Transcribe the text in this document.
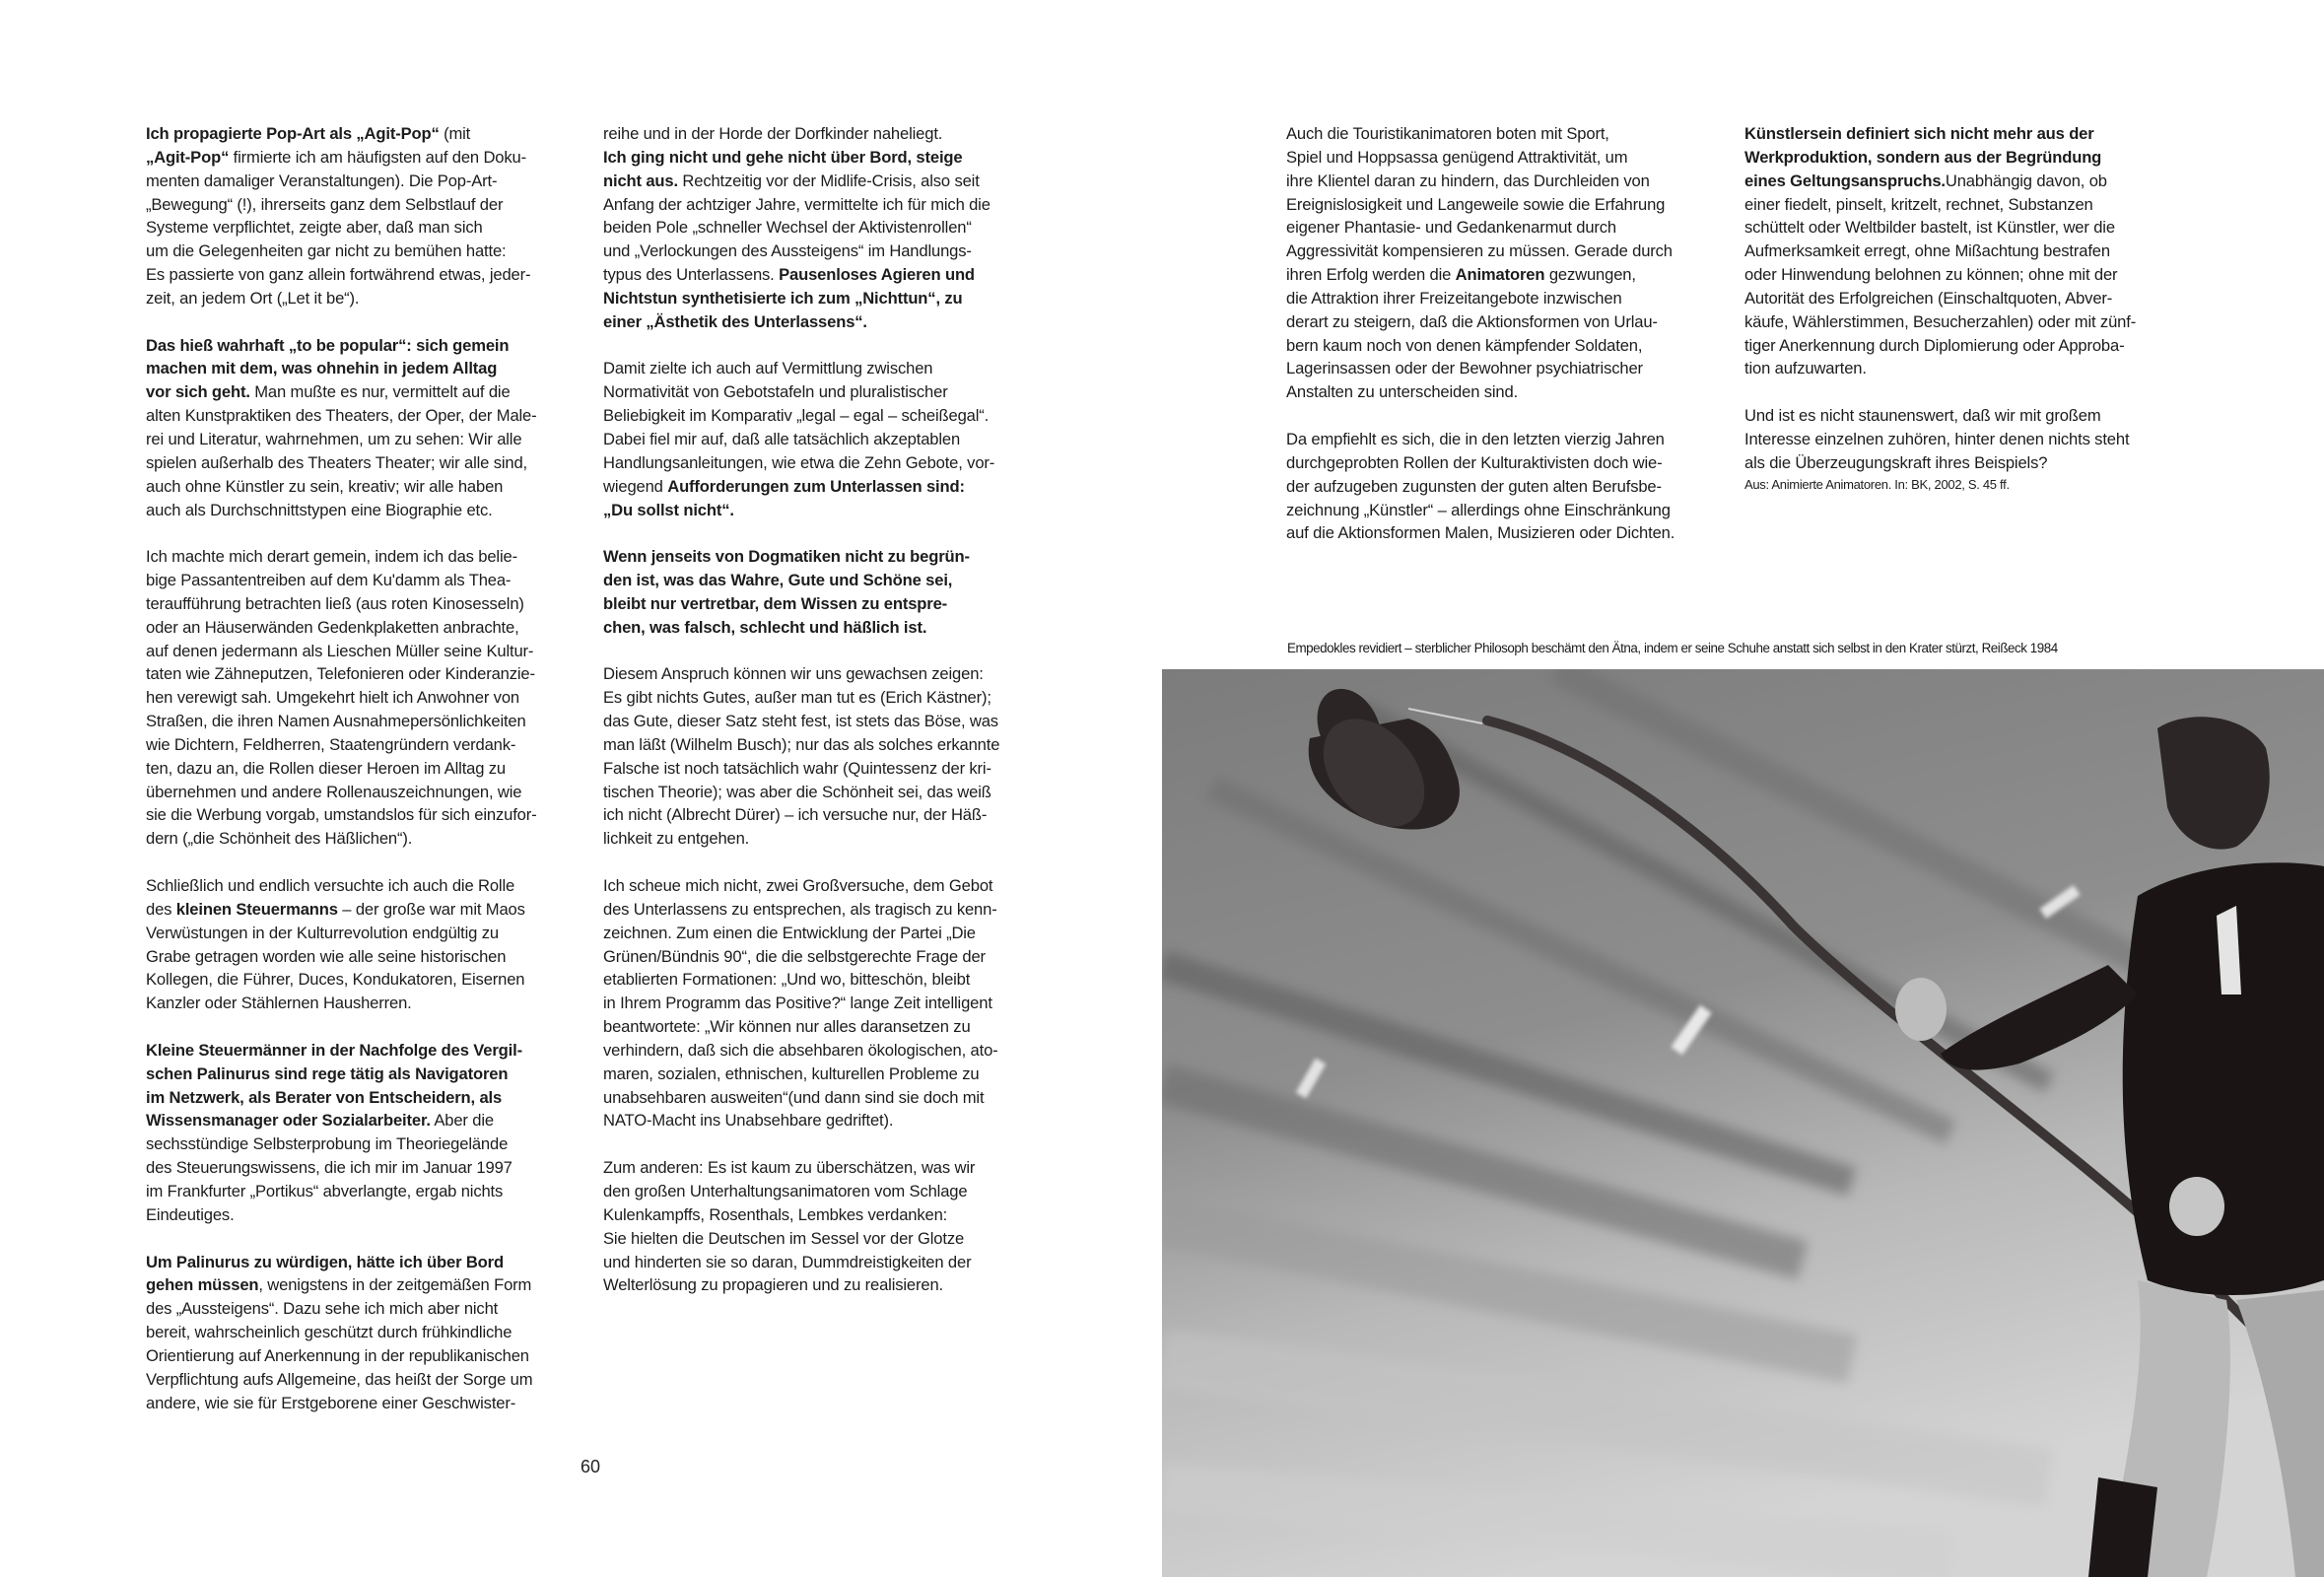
Ich propagierte Pop-Art als „Agit-Pop“ (mit
„Agit-Pop“ firmierte ich am häufigsten auf den Doku-
menten damaliger Veranstaltungen). Die Pop-Art-
„Bewegung“ (!), ihrerseits ganz dem Selbstlauf der
Systeme verpflichtet, zeigte aber, daß man sich
um die Gelegenheiten gar nicht zu bemühen hatte:
Es passierte von ganz allein fortwährend etwas, jeder-
zeit, an jedem Ort („Let it be“).
Das hieß wahrhaft „to be popular“: sich gemein
machen mit dem, was ohnehin in jedem Alltag
vor sich geht. Man mußte es nur, vermittelt auf die
alten Kunstpraktiken des Theaters, der Oper, der Male-
rei und Literatur, wahrnehmen, um zu sehen: Wir alle
spielen außerhalb des Theaters Theater; wir alle sind,
auch ohne Künstler zu sein, kreativ; wir alle haben
auch als Durchschnittstypen eine Biographie etc.
Ich machte mich derart gemein, indem ich das belie-
bige Passantentreiben auf dem Ku'damm als Thea-
teraufführung betrachten ließ (aus roten Kinosesseln)
oder an Häuserwänden Gedenkplaketten anbrachte,
auf denen jedermann als Lieschen Müller seine Kultur-
taten wie Zähneputzen, Telefonieren oder Kinderanzie-
hen verewigt sah. Umgekehrt hielt ich Anwohner von
Straßen, die ihren Namen Ausnahmepersönlichkeiten
wie Dichtern, Feldherren, Staatengründern verdank-
ten, dazu an, die Rollen dieser Heroen im Alltag zu
übernehmen und andere Rollenauszeichnungen, wie
sie die Werbung vorgab, umstandslos für sich einzufor-
dern („die Schönheit des Häßlichen“).
Schließlich und endlich versuchte ich auch die Rolle
des kleinen Steuermanns – der große war mit Maos
Verwüstungen in der Kulturrevolution endgültig zu
Grabe getragen worden wie alle seine historischen
Kollegen, die Führer, Duces, Kondukatoren, Eisernen
Kanzler oder Stählernen Hausherren.
Kleine Steuermänner in der Nachfolge des Vergil-
schen Palinurus sind rege tätig als Navigatoren
im Netzwerk, als Berater von Entscheidern, als
Wissensmanager oder Sozialarbeiter. Aber die
sechsstündige Selbsterprobung im Theoriegelände
des Steuerungswissens, die ich mir im Januar 1997
im Frankfurter „Portikus“ abverlangte, ergab nichts
Eindeutiges.
Um Palinurus zu würdigen, hätte ich über Bord
gehen müssen, wenigstens in der zeitgemäßen Form
des „Aussteigens“. Dazu sehe ich mich aber nicht
bereit, wahrscheinlich geschützt durch frühkindliche
Orientierung auf Anerkennung in der republikanischen
Verpflichtung aufs Allgemeine, das heißt der Sorge um
andere, wie sie für Erstgeborene einer Geschwister-
reihe und in der Horde der Dorfkinder naheliegt.
Ich ging nicht und gehe nicht über Bord, steige
nicht aus. Rechtzeitig vor der Midlife-Crisis, also seit
Anfang der achtziger Jahre, vermittelte ich für mich die
beiden Pole „schneller Wechsel der Aktivistenrollen“
und „Verlockungen des Aussteigens“ im Handlungs-
typus des Unterlassens. Pausenloses Agieren und
Nichtstun synthetisierte ich zum „Nichttun“, zu
einer „Ästhetik des Unterlassens“.
Damit zielte ich auch auf Vermittlung zwischen
Normativität von Gebotstafeln und pluralistischer
Beliebigkeit im Komparativ „legal – egal – scheißegal“.
Dabei fiel mir auf, daß alle tatsächlich akzeptablen
Handlungsanleitungen, wie etwa die Zehn Gebote, vor-
wiegend Aufforderungen zum Unterlassen sind:
„Du sollst nicht“.
Wenn jenseits von Dogmatiken nicht zu begrün-
den ist, was das Wahre, Gute und Schöne sei,
bleibt nur vertretbar, dem Wissen zu entspre-
chen, was falsch, schlecht und häßlich ist.
Diesem Anspruch können wir uns gewachsen zeigen:
Es gibt nichts Gutes, außer man tut es (Erich Kästner);
das Gute, dieser Satz steht fest, ist stets das Böse, was
man läßt (Wilhelm Busch); nur das als solches erkannte
Falsche ist noch tatsächlich wahr (Quintessenz der kri-
tischen Theorie); was aber die Schönheit sei, das weiß
ich nicht (Albrecht Dürer) – ich versuche nur, der Häß-
lichkeit zu entgehen.
Ich scheue mich nicht, zwei Großversuche, dem Gebot
des Unterlassens zu entsprechen, als tragisch zu kenn-
zeichnen. Zum einen die Entwicklung der Partei „Die
Grünen/Bündnis 90“, die die selbstgerechte Frage der
etablierten Formationen: „Und wo, bitteschön, bleibt
in Ihrem Programm das Positive?“ lange Zeit intelligent
beantwortete: „Wir können nur alles daransetzen zu
verhindern, daß sich die absehbaren ökologischen, ato-
maren, sozialen, ethnischen, kulturellen Probleme zu
unabsehbaren ausweiten“(und dann sind sie doch mit
NATO-Macht ins Unabsehbare gedriftet).
Zum anderen: Es ist kaum zu überschätzen, was wir
den großen Unterhaltungsanimatoren vom Schlage
Kulenkampffs, Rosenthals, Lembkes verdanken:
Sie hielten die Deutschen im Sessel vor der Glotze
und hinderten sie so daran, Dummdreistigkeiten der
Welterlösung zu propagieren und zu realisieren.
60
Auch die Touristikanimatoren boten mit Sport,
Spiel und Hoppsassa genügend Attraktivität, um
ihre Klientel daran zu hindern, das Durchleiden von
Ereignislosigkeit und Langeweile sowie die Erfahrung
eigener Phantasie- und Gedankenarmut durch
Aggressivität kompensieren zu müssen. Gerade durch
ihren Erfolg werden die Animatoren gezwungen,
die Attraktion ihrer Freizeitangebote inzwischen
derart zu steigern, daß die Aktionsformen von Urlau-
bern kaum noch von denen kämpfender Soldaten,
Lagerinsassen oder der Bewohner psychiatrischer
Anstalten zu unterscheiden sind.
Da empfiehlt es sich, die in den letzten vierzig Jahren
durchgeprobten Rollen der Kulturaktivisten doch wie-
der aufzugeben zugunsten der guten alten Berufsbe-
zeichnung „Künstler“ – allerdings ohne Einschränkung
auf die Aktionsformen Malen, Musizieren oder Dichten.
Künstlersein definiert sich nicht mehr aus der
Werkproduktion, sondern aus der Begründung
eines Geltungsanspruchs.Unabhängig davon, ob
einer fiedelt, pinselt, kritzelt, rechnet, Substanzen
schüttelt oder Weltbilder bastelt, ist Künstler, wer die
Aufmerksamkeit erregt, ohne Mißachtung bestrafen
oder Hinwendung belohnen zu können; ohne mit der
Autorität des Erfolgreichen (Einschaltquoten, Abver-
käufe, Wählerstimmen, Besucherzahlen) oder mit zünf-
tiger Anerkennung durch Diplomierung oder Approba-
tion aufzuwarten.
Und ist es nicht staunenswert, daß wir mit großem
Interesse einzelnen zuhören, hinter denen nichts steht
als die Überzeugungskraft ihres Beispiels?
Aus: Animierte Animatoren. In: BK, 2002, S. 45 ff.
Empedokles revidiert – sterblicher Philosoph beschämt den Ätna, indem er seine Schuhe anstatt sich selbst in den Krater stürzt, Reißeck 1984
